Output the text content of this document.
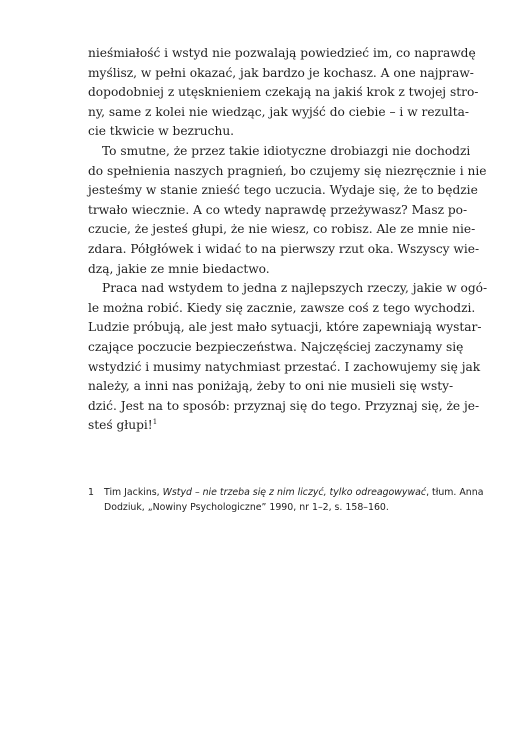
nieśmiałość i wstyd nie pozwalają powiedzieć im, co naprawdę
myślisz, w pełni okazać, jak bardzo je kochasz. A one najpraw-
dopodobniej z utęsknieniem czekają na jakiś krok z twojej stro-
ny, same z kolei nie wiedząc, jak wyjść do ciebie – i w rezulta-
cie tkwicie w bezruchu.
To smutne, że przez takie idiotyczne drobiazgi nie dochodzi
do spełnienia naszych pragnień, bo czujemy się niezręcznie i nie
jesteśmy w stanie znieść tego uczucia. Wydaje się, że to będzie
trwało wiecznie. A co wtedy naprawdę przeżywasz? Masz po-
czucie, że jesteś głupi, że nie wiesz, co robisz. Ale ze mnie nie-
zdara. Półgłówek i widać to na pierwszy rzut oka. Wszyscy wie-
dzą, jakie ze mnie biedactwo.
Praca nad wstydem to jedna z najlepszych rzeczy, jakie w ogó-
le można robić. Kiedy się zacznie, zawsze coś z tego wychodzi.
Ludzie próbują, ale jest mało sytuacji, które zapewniają wystar-
czające poczucie bezpieczeństwa. Najczęściej zaczynamy się
wstydzić i musimy natychmiast przestać. I zachowujemy się jak
należy, a inni nas poniżają, żeby to oni nie musieli się wsty-
dzić. Jest na to sposób: przyznaj się do tego. Przyznaj się, że je-
steś głupi!$^1$
1 Tim Jackins, Wstyd – nie trzeba się z nim liczyć, tylko odreagowywać, tłum. Anna
Dodziuk, „Nowiny Psychologiczne” 1990, nr 1–2, s. 158–160.
